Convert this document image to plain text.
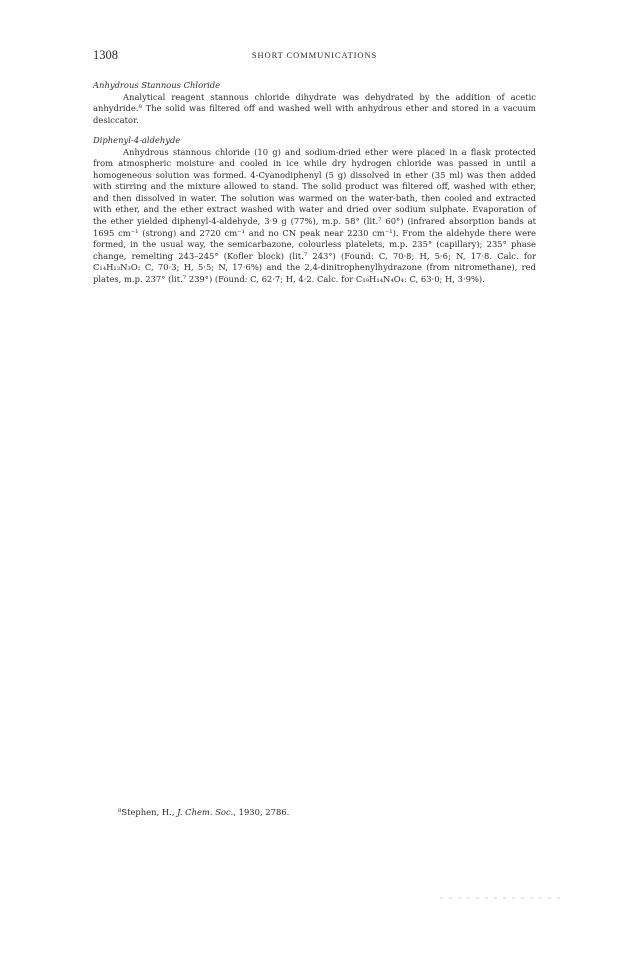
1308	SHORT COMMUNICATIONS

Anhydrous Stannous Chloride

Analytical reagent stannous chloride dihydrate was dehydrated by the addition of acetic anhydride.⁸ The solid was filtered off and washed well with anhydrous ether and stored in a vacuum desiccator.

Diphenyl-4-aldehyde

Anhydrous stannous chloride (10 g) and sodium-dried ether were placed in a flask protected from atmospheric moisture and cooled in ice while dry hydrogen chloride was passed in until a homogeneous solution was formed. 4-Cyanodiphenyl (5 g) dissolved in ether (35 ml) was then added with stirring and the mixture allowed to stand. The solid product was filtered off, washed with ether, and then dissolved in water. The solution was warmed on the water-bath, then cooled and extracted with ether, and the ether extract washed with water and dried over sodium sulphate. Evaporation of the ether yielded diphenyl-4-aldehyde, 3·9 g (77%), m.p. 58° (lit.⁷ 60°) (infrared absorption bands at 1695 cm⁻¹ (strong) and 2720 cm⁻¹ and no CN peak near 2230 cm⁻¹). From the aldehyde there were formed, in the usual way, the semicarbazone, colourless platelets, m.p. 235° (capillary); 235° phase change, remelting 243–245° (Kofler block) (lit.⁷ 243°) (Found: C, 70·8; H, 5·6; N, 17·8. Calc. for C₁₄H₁₃N₃O: C, 70·3; H, 5·5; N, 17·6%) and the 2,4-dinitrophenylhydrazone (from nitromethane), red plates, m.p. 237° (lit.⁷ 239°) (Found: C, 62·7; H, 4·2. Calc. for C₁₉H₁₄N₄O₄: C, 63·0; H, 3·9%).

⁸Stephen, H., J. Chem. Soc., 1930, 2786.
